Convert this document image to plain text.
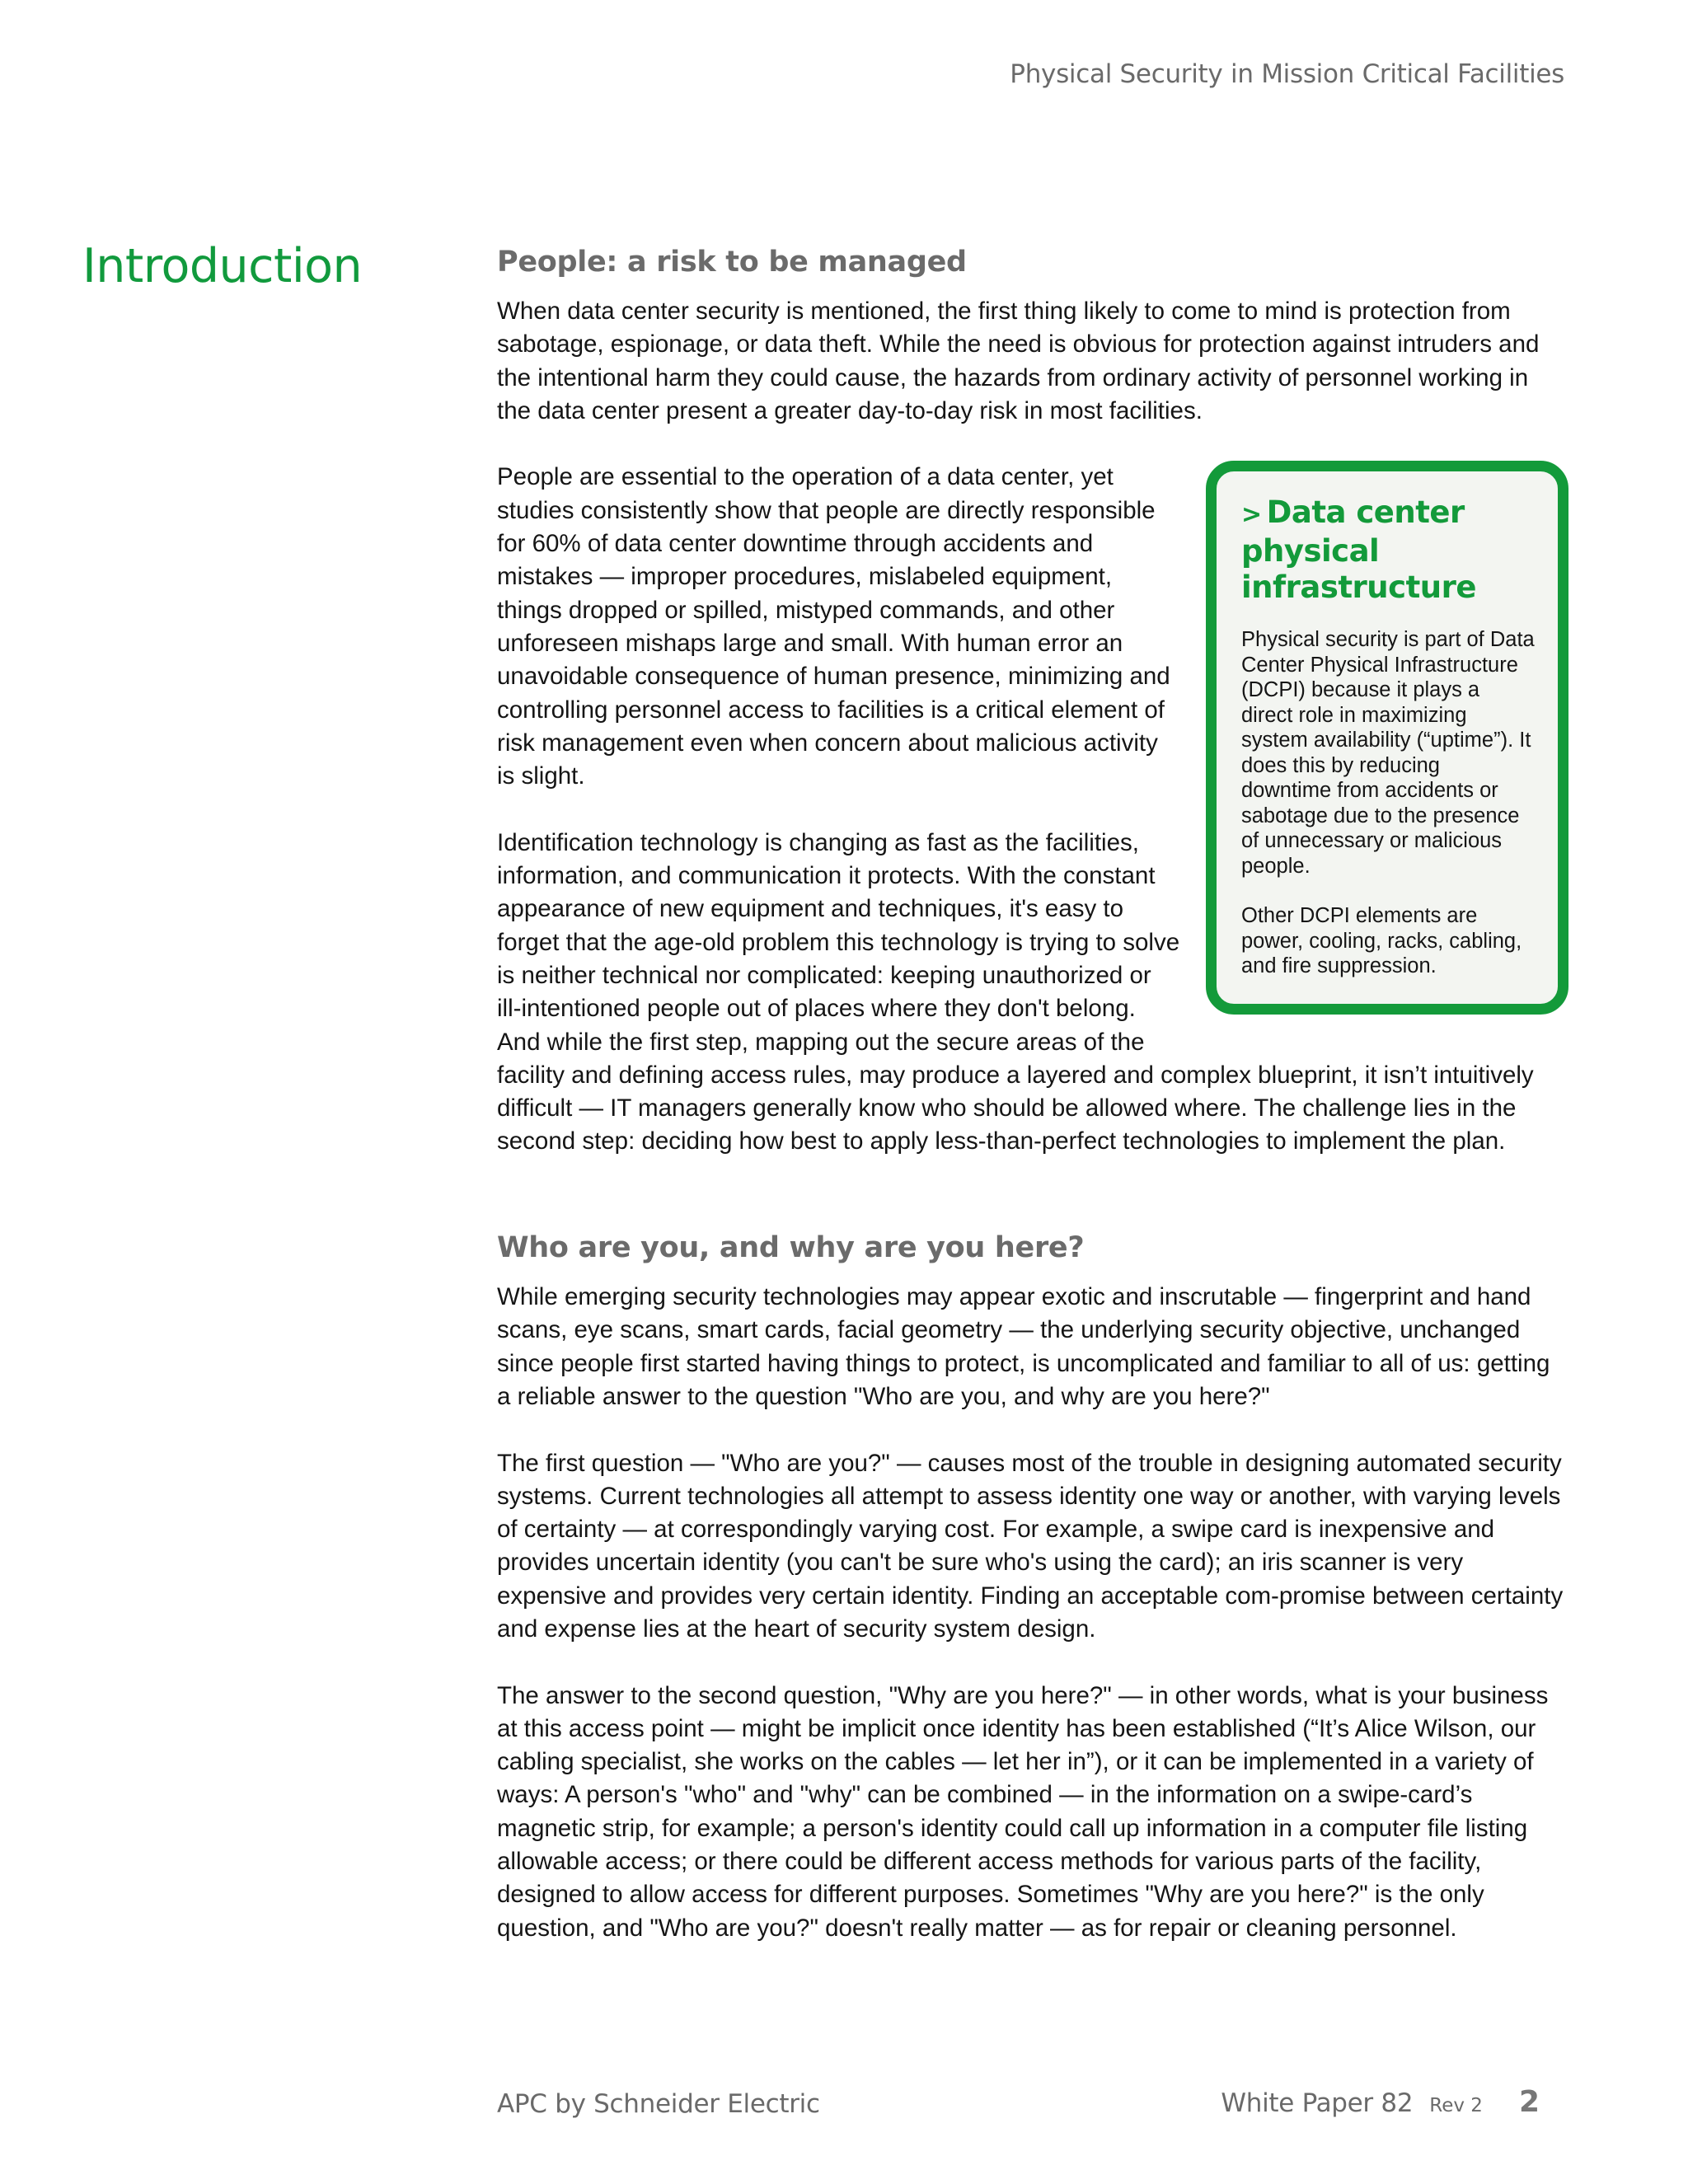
Physical Security in Mission Critical Facilities
Introduction	People: a risk to be managed

When data center security is mentioned, the first thing likely to come to mind is protection from sabotage, espionage, or data theft. While the need is obvious for protection against intruders and the intentional harm they could cause, the hazards from ordinary activity of personnel working in the data center present a greater day-to-day risk in most facilities.

> Data center physical infrastructure

Physical security is part of Data Center Physical Infrastructure (DCPI) because it plays a direct role in maximizing system availability (“uptime”). It does this by reducing downtime from accidents or sabotage due to the presence of unnecessary or malicious people.

Other DCPI elements are power, cooling, racks, cabling, and fire suppression.

People are essential to the operation of a data center, yet studies consistently show that people are directly responsible for 60% of data center downtime through accidents and mistakes — improper procedures, mislabeled equipment, things dropped or spilled, mistyped commands, and other unforeseen mishaps large and small. With human error an unavoidable consequence of human presence, minimizing and controlling personnel access to facilities is a critical element of risk management even when concern about malicious activity is slight.

Identification technology is changing as fast as the facilities, information, and communication it protects. With the constant appearance of new equipment and techniques, it's easy to forget that the age-old problem this technology is trying to solve is neither technical nor complicated: keeping unauthorized or ill-intentioned people out of places where they don't belong. And while the first step, mapping out the secure areas of the facility and defining access rules, may produce a layered and complex blueprint, it isn’t intuitively difficult — IT managers generally know who should be allowed where. The challenge lies in the second step: deciding how best to apply less-than-perfect technologies to implement the plan.

Who are you, and why are you here?

While emerging security technologies may appear exotic and inscrutable — fingerprint and hand scans, eye scans, smart cards, facial geometry — the underlying security objective, unchanged since people first started having things to protect, is uncomplicated and familiar to all of us: getting a reliable answer to the question "Who are you, and why are you here?"

The first question — "Who are you?" — causes most of the trouble in designing automated security systems. Current technologies all attempt to assess identity one way or another, with varying levels of certainty — at correspondingly varying cost. For example, a swipe card is inexpensive and provides uncertain identity (you can't be sure who's using the card); an iris scanner is very expensive and provides very certain identity. Finding an acceptable com-promise between certainty and expense lies at the heart of security system design.

The answer to the second question, "Why are you here?" — in other words, what is your business at this access point — might be implicit once identity has been established (“It’s Alice Wilson, our cabling specialist, she works on the cables — let her in”), or it can be implemented in a variety of ways: A person's "who" and "why" can be combined — in the information on a swipe-card’s magnetic strip, for example; a person's identity could call up information in a computer file listing allowable access; or there could be different access methods for various parts of the facility, designed to allow access for different purposes. Sometimes "Why are you here?" is the only question, and "Who are you?" doesn't really matter — as for repair or cleaning personnel.

APC by Schneider Electric	White Paper 82 Rev 2 2
